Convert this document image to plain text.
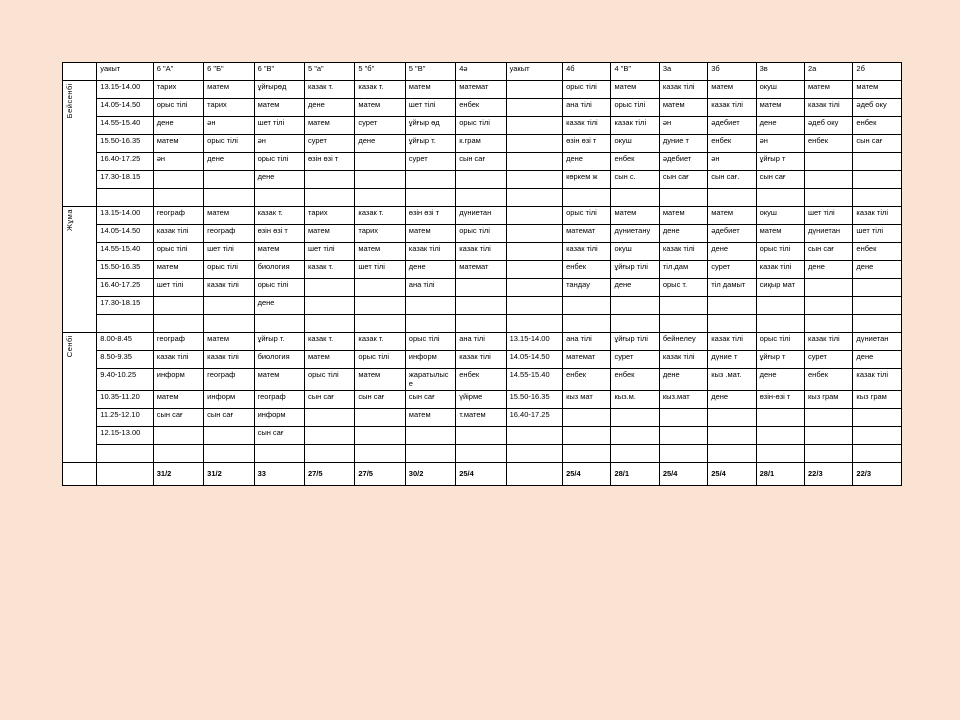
	уакыт	6 "А"	6 "Б"	6 "В"	5 "а"	5 "б"	5 "В"	4ә	уакыт	4б	4 "В"	3а	3б	3в	2а	2б
Бейсенбі	13.15-14.00	тарих	матем	ұйғырөд	казак т.	казак т.	матем	математ		орыс тілі	матем	казак тілі	матем	окуш	матем	матем
	14.05-14.50	орыс тілі	тарих	матем	дене	матем	шет тілі	енбек		ана тілі	орыс тілі	матем	казак тілі	матем	казак тілі	әдеб оку
	14.55-15.40	дене	ән	шет тілі	матем	сурет	ұйғыр өд	орыс тілі		казак тілі	казак тілі	ән	әдебиет	дене	әдеб оку	енбек
	15.50-16.35	матем	орыс тілі	ән	сурет	дене	ұйғыр т.	к.грам		өзін өзі т	окуш	дуние т	енбек	ән	енбек	сын сағ
	16.40-17.25	ән	дене	орыс тілі	өзін өзі т		сурет	сын сағ		дене	енбек	әдебиет	ән	ұйғыр т		
	17.30-18.15			дене						көркем ж	сын с.	сын сағ	сын сағ.	сын сағ		

Жұма	13.15-14.00	географ	матем	казак т.	тарих	казак т.	өзін өзі т	дүниетан		орыс тілі	матем	матем	матем	окуш	шет тілі	казак тілі
	14.05-14.50	казак тілі	географ	өзін өзі т	матем	тарих	матем	орыс тілі		математ	дүниетану	дене	әдебиет	матем	дүниетан	шет тілі
	14.55-15.40	орыс тілі	шет тілі	матем	шет тілі	матем	казак тілі	казак тілі		казак тілі	окуш	казак тілі	дене	орыс тілі	сын сағ	енбек
	15.50-16.35	матем	орыс тілі	биология	казак т.	шет тілі	дене	математ		енбек	ұйғыр тілі	тіл.дам	сурет	казак тілі	дене	дене
	16.40-17.25	шет тілі	казак тілі	орыс тілі			ана тілі			тандау	дене	орыс т.	тіл дамыт	сиқыр мат		
	17.30-18.15			дене												

Сенбі	8.00-8.45	географ	матем	ұйғыр т.	казак т.	казак т.	орыс тілі	ана тілі	13.15-14.00	ана тілі	ұйғыр тілі	бейнелеу	казак тілі	орыс тілі	казак тілі	дүниетан
	8.50-9.35	казак тілі	казак тілі	биология	матем	орыс тілі	информ	казак тілі	14.05-14.50	математ	сурет	казак тілі	дүние т	ұйғыр т	сурет	дене
	9.40-10.25	информ	географ	матем	орыс тілі	матем	жаратылыс е	енбек	14.55-15.40	енбек	енбек	дене	кыз .мат.	дене	енбек	казак тілі
	10.35-11.20	матем	информ	географ	сын сағ	сын сағ	сын сағ	үйірме	15.50-16.35	кыз мат	кыз.м.	кыз.мат	дене	өзін-өзі т	кыз грам	кыз грам
	11.25-12.10	сын сағ	сын сағ	информ			матем	т.матем	16.40-17.25							
	12.15-13.00			сын сағ												

		31/2	31/2	33	27/5	27/5	30/2	25/4		25/4	28/1	25/4	25/4	28/1	22/3	22/3
